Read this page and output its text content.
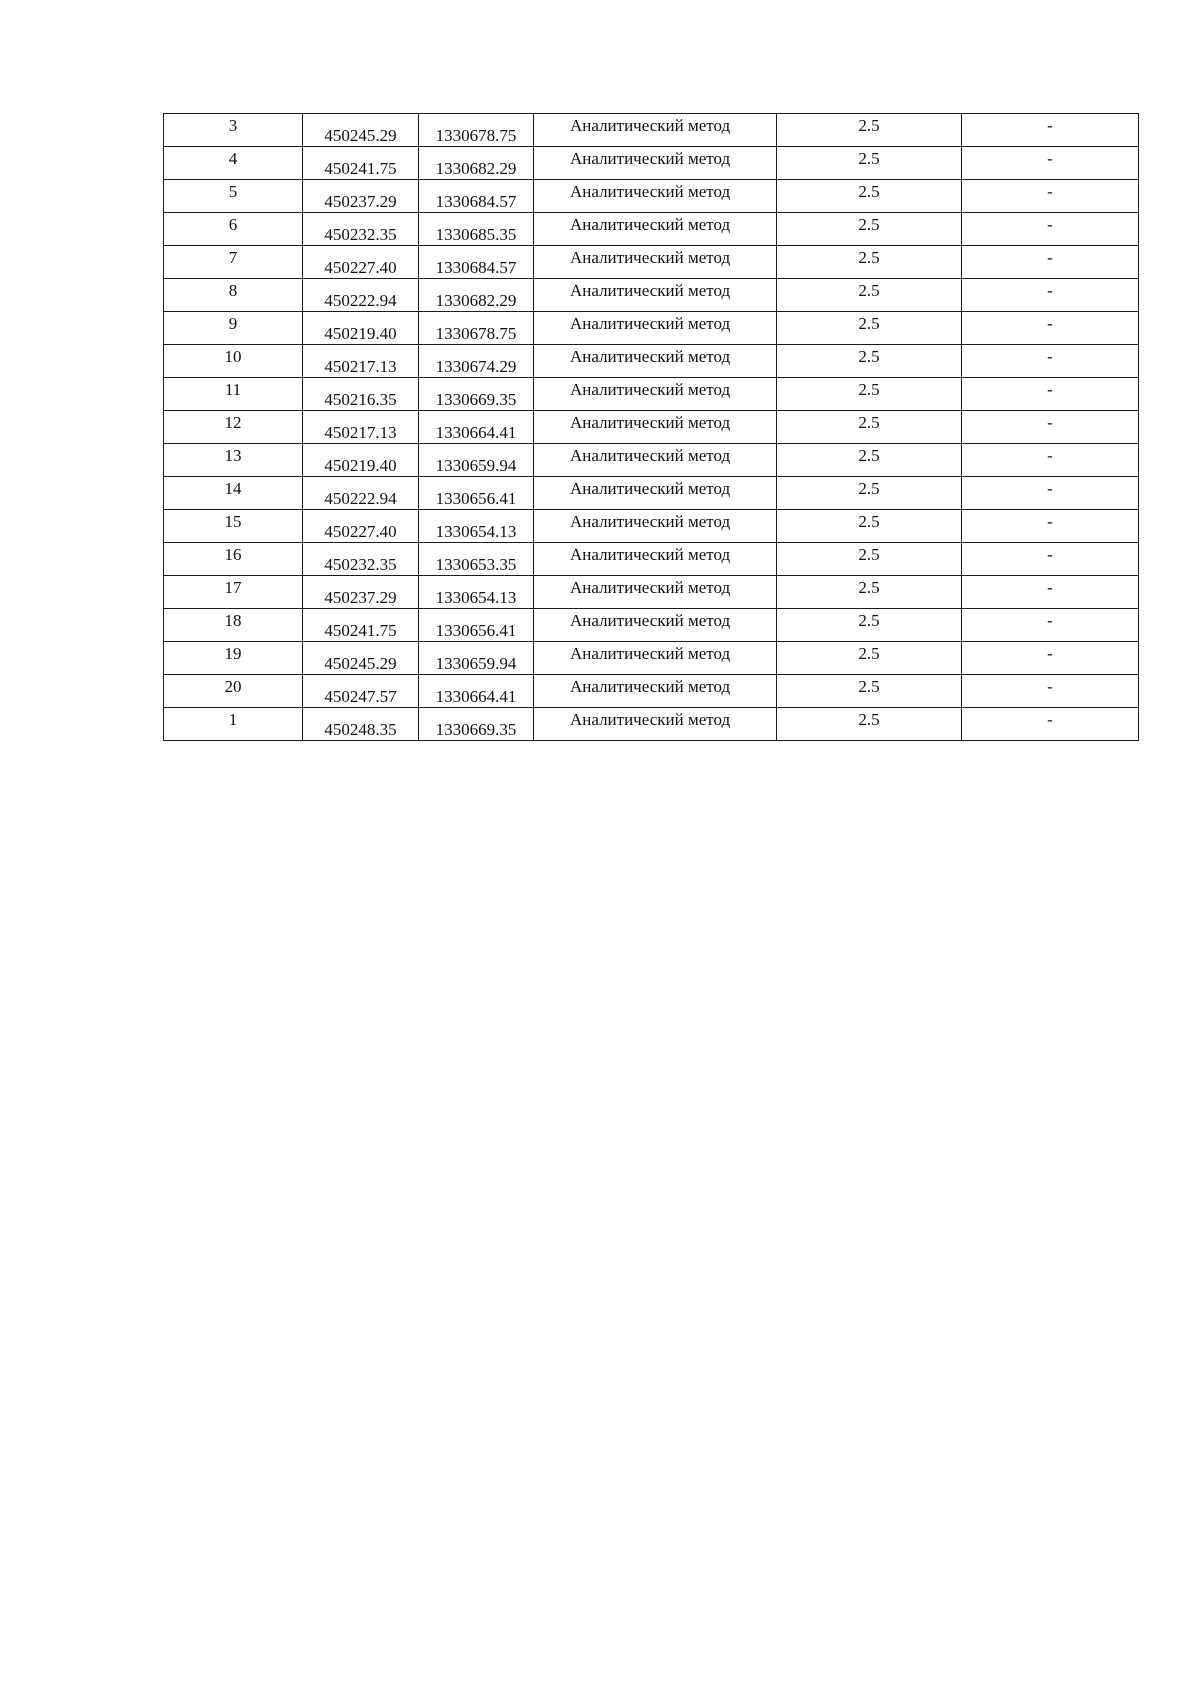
3	450245.29	1330678.75	Аналитический метод	2.5	-
4	450241.75	1330682.29	Аналитический метод	2.5	-
5	450237.29	1330684.57	Аналитический метод	2.5	-
6	450232.35	1330685.35	Аналитический метод	2.5	-
7	450227.40	1330684.57	Аналитический метод	2.5	-
8	450222.94	1330682.29	Аналитический метод	2.5	-
9	450219.40	1330678.75	Аналитический метод	2.5	-
10	450217.13	1330674.29	Аналитический метод	2.5	-
11	450216.35	1330669.35	Аналитический метод	2.5	-
12	450217.13	1330664.41	Аналитический метод	2.5	-
13	450219.40	1330659.94	Аналитический метод	2.5	-
14	450222.94	1330656.41	Аналитический метод	2.5	-
15	450227.40	1330654.13	Аналитический метод	2.5	-
16	450232.35	1330653.35	Аналитический метод	2.5	-
17	450237.29	1330654.13	Аналитический метод	2.5	-
18	450241.75	1330656.41	Аналитический метод	2.5	-
19	450245.29	1330659.94	Аналитический метод	2.5	-
20	450247.57	1330664.41	Аналитический метод	2.5	-
1	450248.35	1330669.35	Аналитический метод	2.5	-
